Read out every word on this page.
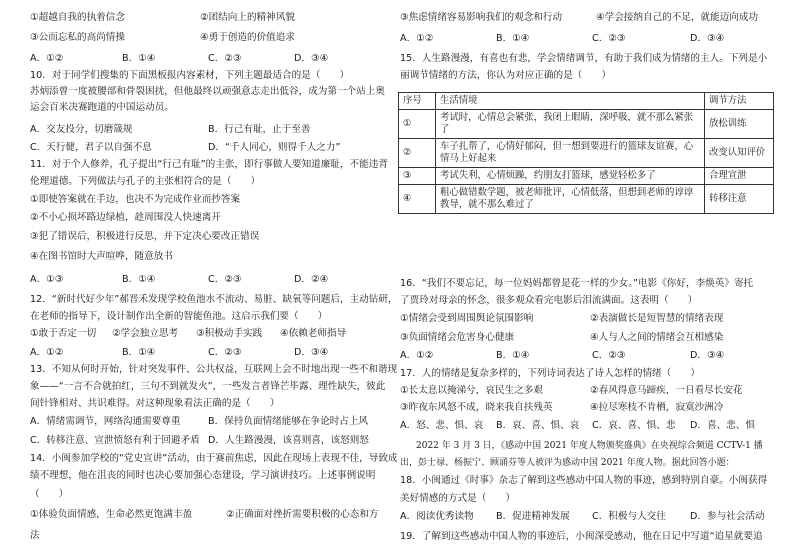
①超越自我的执着信念	②团结向上的精神风貌
③公而忘私的高尚情操	④勇于创造的价值追求
A．①②	B．①④	C．②③	D．③④
10．对于同学们搜集的下面黑板报内容素材，下列主题最适合的是（　　）
苏炳添曾一度被腰部和骨裂困扰，但他最终以顽强意志走出低谷，成为第一个站上奥
运会百米决赛跑道的中国运动员。
A．交友投分，切磨箴规	B．行己有耻，止于至善
C．天行健，君子以自强不息	D．“千人同心，则得千人之力”
11．对于个人修养，孔子提出“行己有耻”的主张，即行事做人要知道廉耻，不能违背
伦理道德。下列做法与孔子的主张相符合的是（　　）
①即使答案就在手边，也决不为完成作业而抄答案
②不小心损坏路边绿植，趁周围没人快速离开
③犯了错误后，积极进行反思，并下定决心要改正错误
④在图书馆时大声喧哗，随意放书
A．①③	B．①④	C．②③	D．②④
12．“新时代好少年”郝晋禾发现学校鱼池水不流动、易脏、缺氧等问题后，主动钻研，
在老师的指导下，设计制作出全新的智能鱼池。这启示我们要（　　）
①敢于否定一切 ②学会独立思考 ③积极动手实践 ④依赖老师指导
A．①②	B．①④	C．②③	D．③④
13．不知从何时开始，针对突发事件、公共权益，互联网上会不时地出现一些不和谐现
象——“一言不合就拍红，三句不到就发火”，一些发言者锋芒毕露、理性缺失，彼此
间针锋相对、共识难得。对这种现象看法正确的是（　　）
A．情绪需调节，网络沟通需要尊重	B．保持负面情绪能够在争论时占上风
C．转移注意、宣泄愤怒有利于回避矛盾 D．人生路漫漫，该喜则喜，该怒则怒
14．小闽参加学校的“党史宣讲”活动，由于赛前焦虑，因此在现场上表现不佳，导致成
绩不理想，他在沮丧的同时也决心要加强心态建设，学习演讲技巧。上述事例说明
（　　）
①体验负面情感，生命必然更饱满丰盈	②正确面对挫折需要积极的心态和方
法
③焦虑情绪容易影响我们的观念和行动	④学会接纳自己的不足，就能迈向成功
A．①②	B．①④	C．②③	D．③④
15．人生路漫漫，有喜也有悲，学会情绪调节，有助于我们成为情绪的主人。下列是小
丽调节情绪的方法，你认为对应正确的是（　　）
序号	生活情境	调节方法
①	考试时，心情总会紧张，我闭上眼睛，深呼吸，就不那么紧张了	放松训练
②	车子扎帮了，心情好郁闷，但一想到要进行的篮球友谊赛，心情马上好起来	改变认知评价
③	考试失利，心情烦躁，约朋友打篮球，感觉轻松多了	合理宣泄
④	粗心做错数学题，被老师批评，心情低落，但想到老师的谆谆教导，就不那么难过了	转移注意
16．“我们不要忘记，每一位妈妈都曾是花一样的少女。”电影《你好，李焕英》寄托
了贾玲对母亲的怀念，很多观众看完电影后泪流满面。这表明（　　）
①情绪会受到周围舆论氛围影响	②表演做长是短智慧的情绪表现
③负面情绪会危害身心健康	④人与人之间的情绪会互相感染
A．①②	B．①④	C．②③	D．③④
17．人的情绪是复杂多样的，下列诗词表达了诗人怎样的情绪（　　）
①长太息以掩涕兮，哀民生之多艰	②春风得意马蹄疾，一日看尽长安花
③昨夜东风怒不成，晓来我自扶残英	④拉尽寒枝不肯栖，寂寞沙洲冷
A．怒、悲、惧、哀 B．哀、喜、惧、哀 C．哀、喜、惧、悲 D．喜、悲、惧
2022 年 3 月 3 日，《感动中国 2021 年度人物颁奖盛典》在央视综合频道 CCTV-1 播
出，彭士禄、杨振宁、顾诵芬等人被评为感动中国 2021 年度人物。据此回答小题：
18．小闽通过《时事》杂志了解到这些感动中国人物的事迹，感到特别自豪。小闽获得
美好情感的方式是（　　）
A．阅读优秀读物 B．促进精神发展 C．积极与人交往	D．参与社会活动
19．了解到这些感动中国人物的事迹后，小闽深受感动，他在日记中写道“追星就要追
